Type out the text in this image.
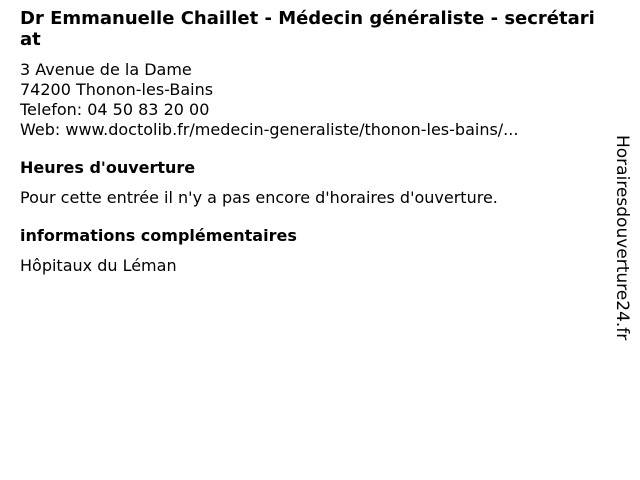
Dr Emmanuelle Chaillet - Médecin généraliste - secrétariat
3 Avenue de la Dame
74200 Thonon-les-Bains
Telefon: 04 50 83 20 00
Web: www.doctolib.fr/medecin-generaliste/thonon-les-bains/...
Heures d'ouverture
Pour cette entrée il n'y a pas encore d'horaires d'ouverture.
informations complémentaires
Hôpitaux du Léman	Horairesdouverture24.fr
